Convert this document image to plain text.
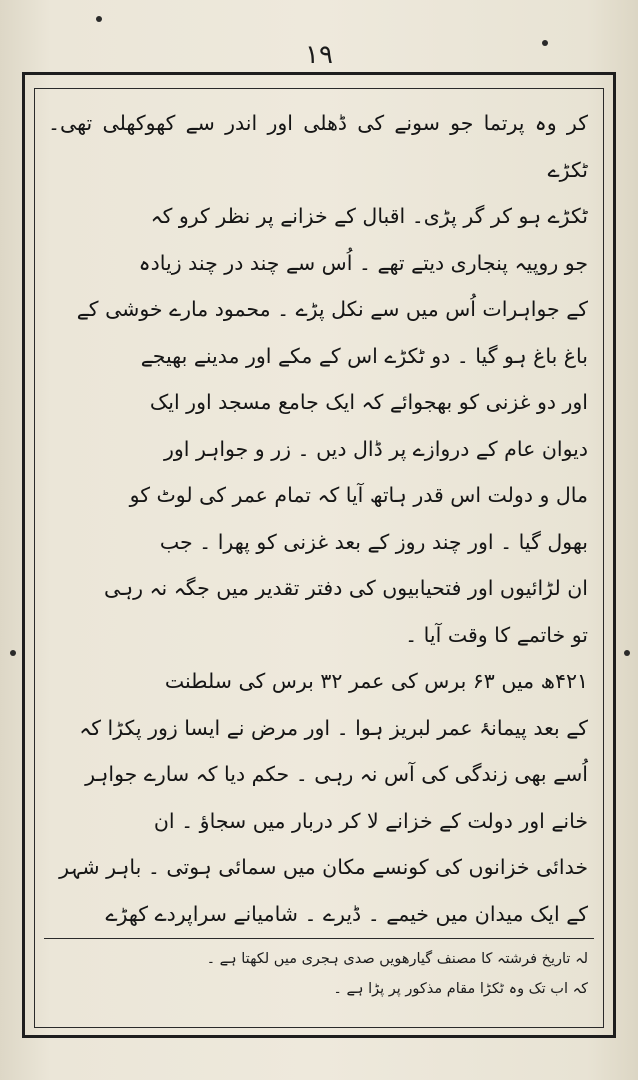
۱۹

کر وہ پرتما جو سونے کی ڈھلی اور اندر سے کھوکھلی تھی۔ ٹکڑے

ٹکڑے ہو کر گر پڑی۔ اقبال کے خزانے پر نظر کرو کہ

جو روپیہ پنجاری دیتے تھے ۔ اُس سے چند در چند زیادہ

کے جواہرات اُس میں سے نکل پڑے ۔ محمود مارے خوشی کے

باغ باغ ہو گیا ۔ دو ٹکڑے اس کے مکے اور مدینے بھیجے

اور دو غزنی کو بھجوائے کہ ایک جامع مسجد اور ایک

دیوان عام کے دروازے پر ڈال دیں ۔ زر و جواہر اور

مال و دولت اس قدر ہاتھ آیا کہ تمام عمر کی لوٹ کو

بھول گیا ۔ اور چند روز کے بعد غزنی کو پھرا ۔ جب

ان لڑائیوں اور فتحیابیوں کی دفتر تقدیر میں جگہ نہ رہی

تو خاتمے کا وقت آیا ۔

۴۲۱ھ میں ۶۳ برس کی عمر ۳۲ برس کی سلطنت

کے بعد پیمانۂ عمر لبریز ہوا ۔ اور مرض نے ایسا زور پکڑا کہ

اُسے بھی زندگی کی آس نہ رہی ۔ حکم دیا کہ سارے جواہر

خانے اور دولت کے خزانے لا کر دربار میں سجاؤ ۔ ان

خدائی خزانوں کی کونسے مکان میں سمائی ہوتی ۔ باہر شہر

کے ایک میدان میں خیمے ۔ ڈیرے ۔ شامیانے سراپردے کھڑے

لہ تاریخ فرشتہ کا مصنف گیارھویں صدی ہجری میں لکھتا ہے ۔

کہ اب تک وہ ٹکڑا مقام مذکور پر پڑا ہے ۔
